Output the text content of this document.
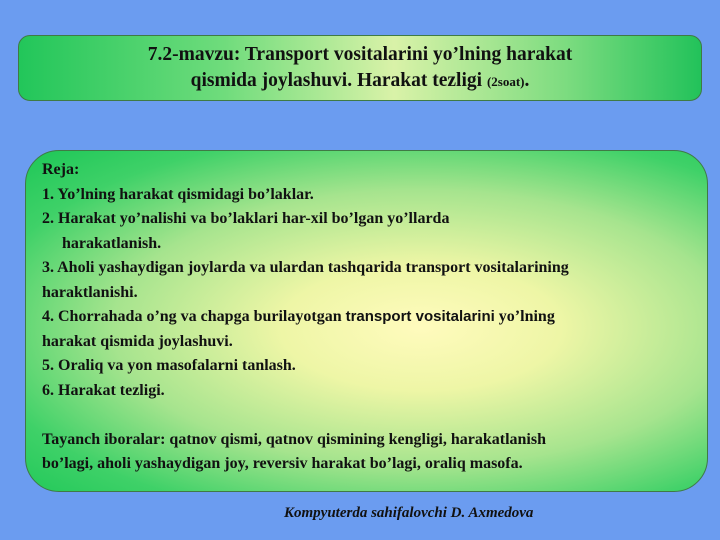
7.2-mavzu: Transport vositalarini yo’lning harakat
qismida joylashuvi. Harakat tezligi (2soat).
Reja:
1. Yo’lning harakat qismidagi bo’laklar.
2. Harakat yo’nalishi va bo’laklari har-xil bo’lgan yo’llarda
harakatlanish.
3. Aholi yashaydigan joylarda va ulardan tashqarida transport vositalarining
haraktlanishi.
4. Chorrahada o’ng va chapga burilayotgan transport vositalarini yo’lning
harakat qismida joylashuvi.
5. Oraliq va yon masofalarni tanlash.
6. Harakat tezligi.
Tayanch iboralar: qatnov qismi, qatnov qismining kengligi, harakatlanish
bo’lagi, aholi yashaydigan joy, reversiv harakat bo’lagi, oraliq masofa.
Kompyuterda sahifalovchi D. Axmedova
